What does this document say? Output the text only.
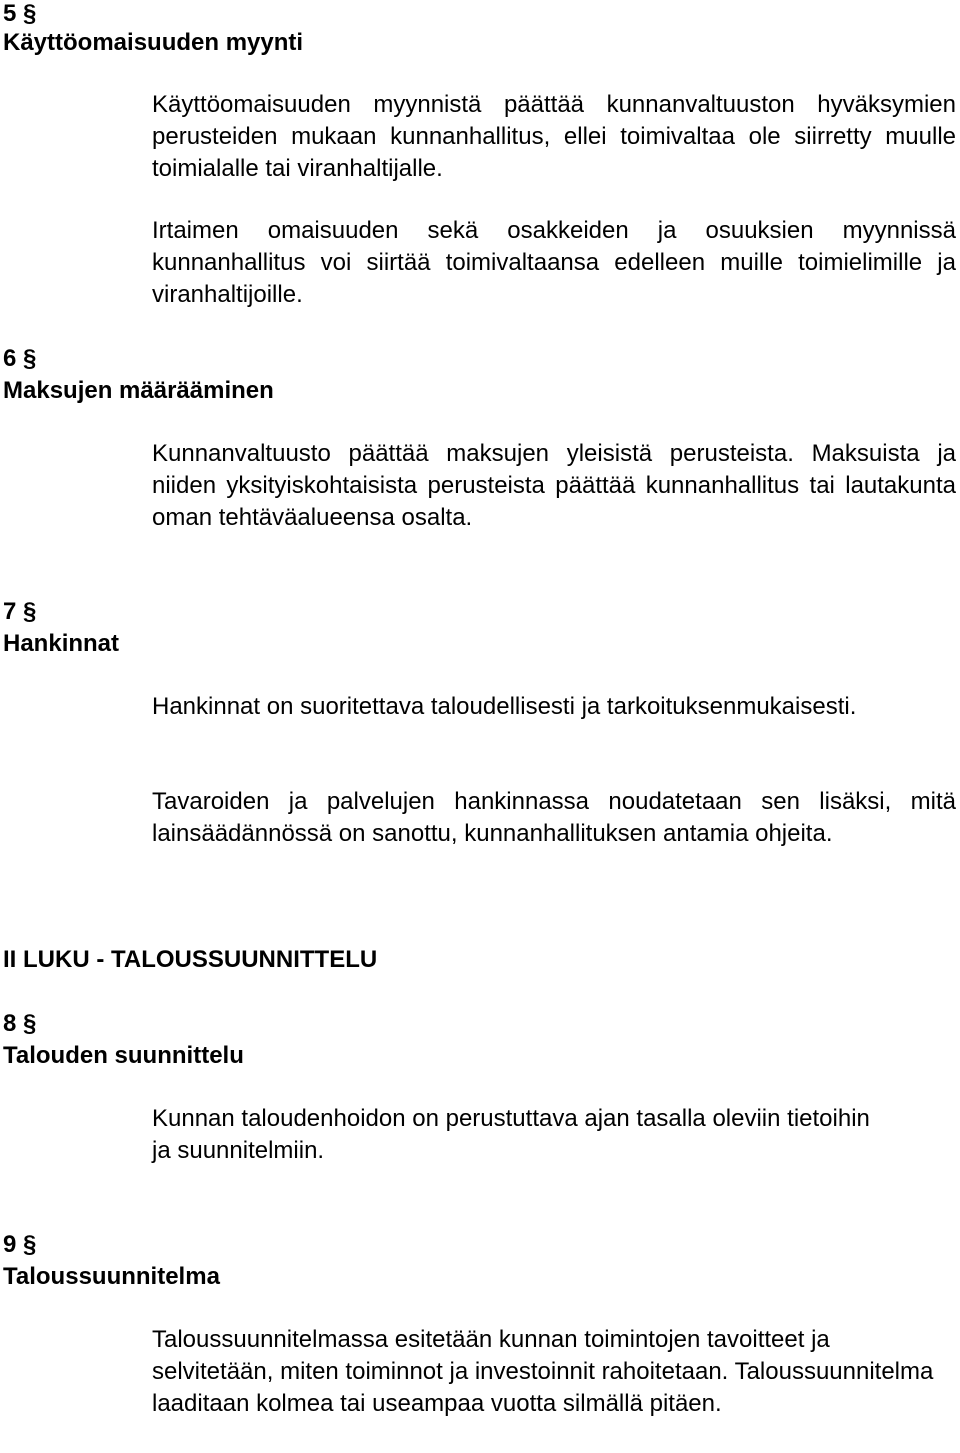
5 §
Käyttöomaisuuden myynti

Käyttöomaisuuden myynnistä päättää kunnanvaltuuston hyväksymien perusteiden mukaan kunnanhallitus, ellei toimivaltaa ole siirretty muulle toimialalle tai viranhaltijalle.

Irtaimen omaisuuden sekä osakkeiden ja osuuksien myynnissä kunnanhallitus voi siirtää toimivaltaansa edelleen muille toimielimille ja viranhaltijoille.

6 §
Maksujen määrääminen

Kunnanvaltuusto päättää maksujen yleisistä perusteista. Maksuista ja niiden yksityiskohtaisista perusteista päättää kunnanhallitus tai lautakunta oman tehtäväalueensa osalta.

7 §
Hankinnat

Hankinnat on suoritettava taloudellisesti ja tarkoituksenmukaisesti.

Tavaroiden ja palvelujen hankinnassa noudatetaan sen lisäksi, mitä lainsäädännössä on sanottu, kunnanhallituksen antamia ohjeita.

II LUKU - TALOUSSUUNNITTELU
8 §
Talouden suunnittelu

Kunnan taloudenhoidon on perustuttava ajan tasalla oleviin tietoihin ja suunnitelmiin.

9 §
Taloussuunnitelma

Taloussuunnitelmassa esitetään kunnan toimintojen tavoitteet ja selvitetään, miten toiminnot ja investoinnit rahoitetaan. Taloussuunnitelma laaditaan kolmea tai useampaa vuotta silmällä pitäen.
